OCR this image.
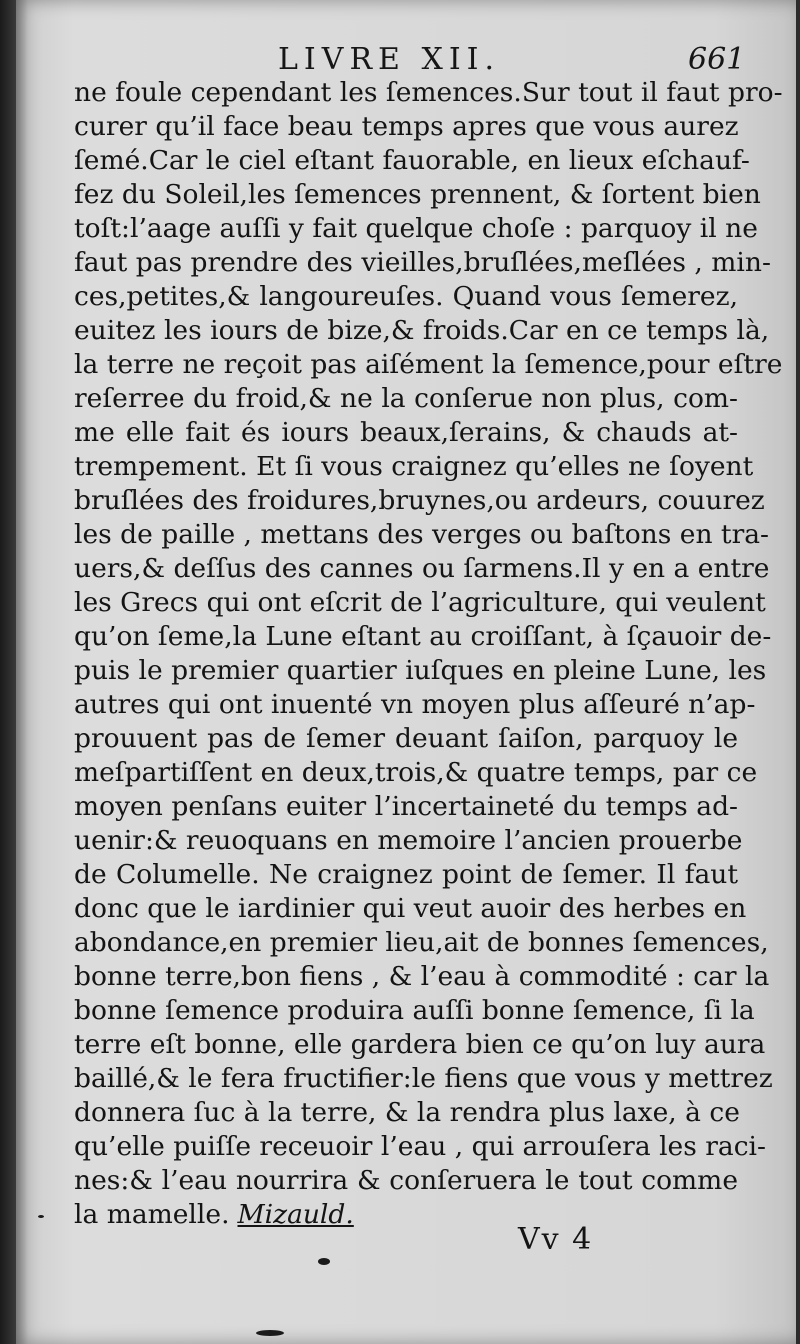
LIVRE XII.	661
ne foule cependant les ſemences.Sur tout il faut pro-
curer qu’il face beau temps apres que vous aurez
ſemé.Car le ciel eſtant fauorable, en lieux eſchauf-
fez du Soleil,les ſemences prennent, & ſortent bien
toſt:l’aage auſſi y fait quelque choſe : parquoy il ne
faut pas prendre des vieilles,bruſlées,meſlées , min-
ces,petites,& langoureuſes. Quand vous ſemerez,
euitez les iours de bize,& froids.Car en ce temps là,
la terre ne reçoit pas aiſément la ſemence,pour eſtre
reſerree du froid,& ne la conſerue non plus, com-
me elle fait és iours beaux,ſerains, & chauds at-
trempement. Et ſi vous craignez qu’elles ne ſoyent
bruſlées des froidures,bruynes,ou ardeurs, couurez
les de paille , mettans des verges ou baſtons en tra-
uers,& deſſus des cannes ou ſarmens.Il y en a entre
les Grecs qui ont eſcrit de l’agriculture, qui veulent
qu’on ſeme,la Lune eſtant au croiſſant, à ſçauoir de-
puis le premier quartier iuſques en pleine Lune, les
autres qui ont inuenté vn moyen plus aſſeuré n’ap-
prouuent pas de ſemer deuant ſaiſon, parquoy le
meſpartiſſent en deux,trois,& quatre temps, par ce
moyen penſans euiter l’incertaineté du temps ad-
uenir:& reuoquans en memoire l’ancien prouerbe
de Columelle. Ne craignez point de ſemer. Il faut
donc que le iardinier qui veut auoir des herbes en
abondance,en premier lieu,ait de bonnes ſemences,
bonne terre,bon fiens , & l’eau à commodité : car la
bonne ſemence produira auſſi bonne ſemence, ſi la
terre eſt bonne, elle gardera bien ce qu’on luy aura
baillé,& le fera fructifier:le fiens que vous y mettrez
donnera ſuc à la terre, & la rendra plus laxe, à ce
qu’elle puiſſe receuoir l’eau , qui arrouſera les raci-
nes:& l’eau nourrira & conſeruera le tout comme
la mamelle. Mizauld.
Vv 4
